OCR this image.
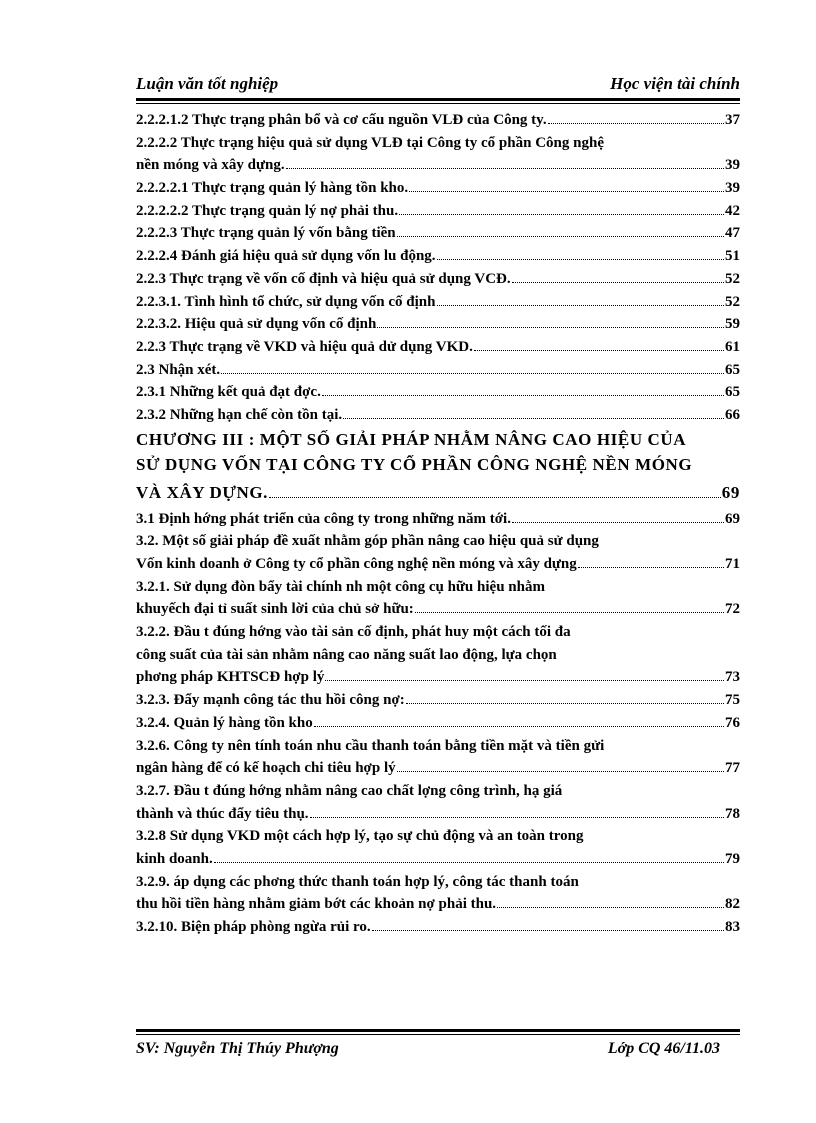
Luận văn tốt nghiệp	Học viện tài chính
2.2.2.1.2 Thực trạng phân bổ và cơ cấu nguồn VLĐ của Công ty.	37
2.2.2.2 Thực trạng hiệu quả sử dụng VLĐ tại Công ty cổ phần Công nghệ
nền móng và xây dựng.	39
2.2.2.2.1 Thực trạng quản lý hàng tồn kho.	39
2.2.2.2.2 Thực trạng quản lý nợ phải thu.	42
2.2.2.3 Thực trạng quản lý vốn bằng tiền	47
2.2.2.4 Đánh giá hiệu quả sử dụng vốn lu động.	51
2.2.3 Thực trạng về vốn cố định và hiệu quả sử dụng VCĐ.	52
2.2.3.1. Tình hình tổ chức, sử dụng vốn cố định	52
2.2.3.2. Hiệu quả sử dụng vốn cố định	59
2.2.3 Thực trạng về VKD và hiệu quả dử dụng VKD.	61
2.3 Nhận xét.	65
2.3.1 Những kết quả đạt đợc.	65
2.3.2 Những hạn chế còn tồn tại.	66
CHƯƠNG III : MỘT SỐ GIẢI PHÁP NHẰM NÂNG CAO HIỆU CỦA
SỬ DỤNG VỐN TẠI CÔNG TY CỔ PHẦN CÔNG NGHỆ NỀN MÓNG
VÀ XÂY DỰNG.	69
3.1 Định hớng phát triển của công ty trong những năm tới.	69
3.2. Một số giải pháp đề xuất nhằm góp phần nâng cao hiệu quả sử dụng
Vốn kinh doanh ở Công ty cổ phần công nghệ nền móng và xây dựng	71
3.2.1. Sử dụng đòn bẩy tài chính nh một công cụ hữu hiệu nhằm
khuyếch đại tỉ suất sinh lời của chủ sở hữu:	72
3.2.2. Đầu t đúng hớng vào tài sản cố định, phát huy một cách tối đa
công suất của tài sản nhằm nâng cao năng suất lao động, lựa chọn
phơng pháp KHTSCĐ hợp lý	73
3.2.3. Đẩy mạnh công tác thu hồi công nợ:	75
3.2.4. Quản lý hàng tồn kho	76
3.2.6. Công ty nên tính toán nhu cầu thanh toán bằng tiền mặt và tiền gửi
ngân hàng để có kế hoạch chi tiêu hợp lý	77
3.2.7. Đầu t đúng hớng nhằm nâng cao chất lợng công trình, hạ giá
thành và thúc đẩy tiêu thụ.	78
3.2.8 Sử dụng VKD một cách hợp lý, tạo sự chủ động và an toàn trong
kinh doanh.	79
3.2.9. áp dụng các phơng thức thanh toán hợp lý, công tác thanh toán
thu hồi tiền hàng nhằm giảm bớt các khoản nợ phải thu.	82
3.2.10. Biện pháp phòng ngừa rủi ro.	83
SV: Nguyễn Thị Thúy Phượng	Lớp CQ 46/11.03
